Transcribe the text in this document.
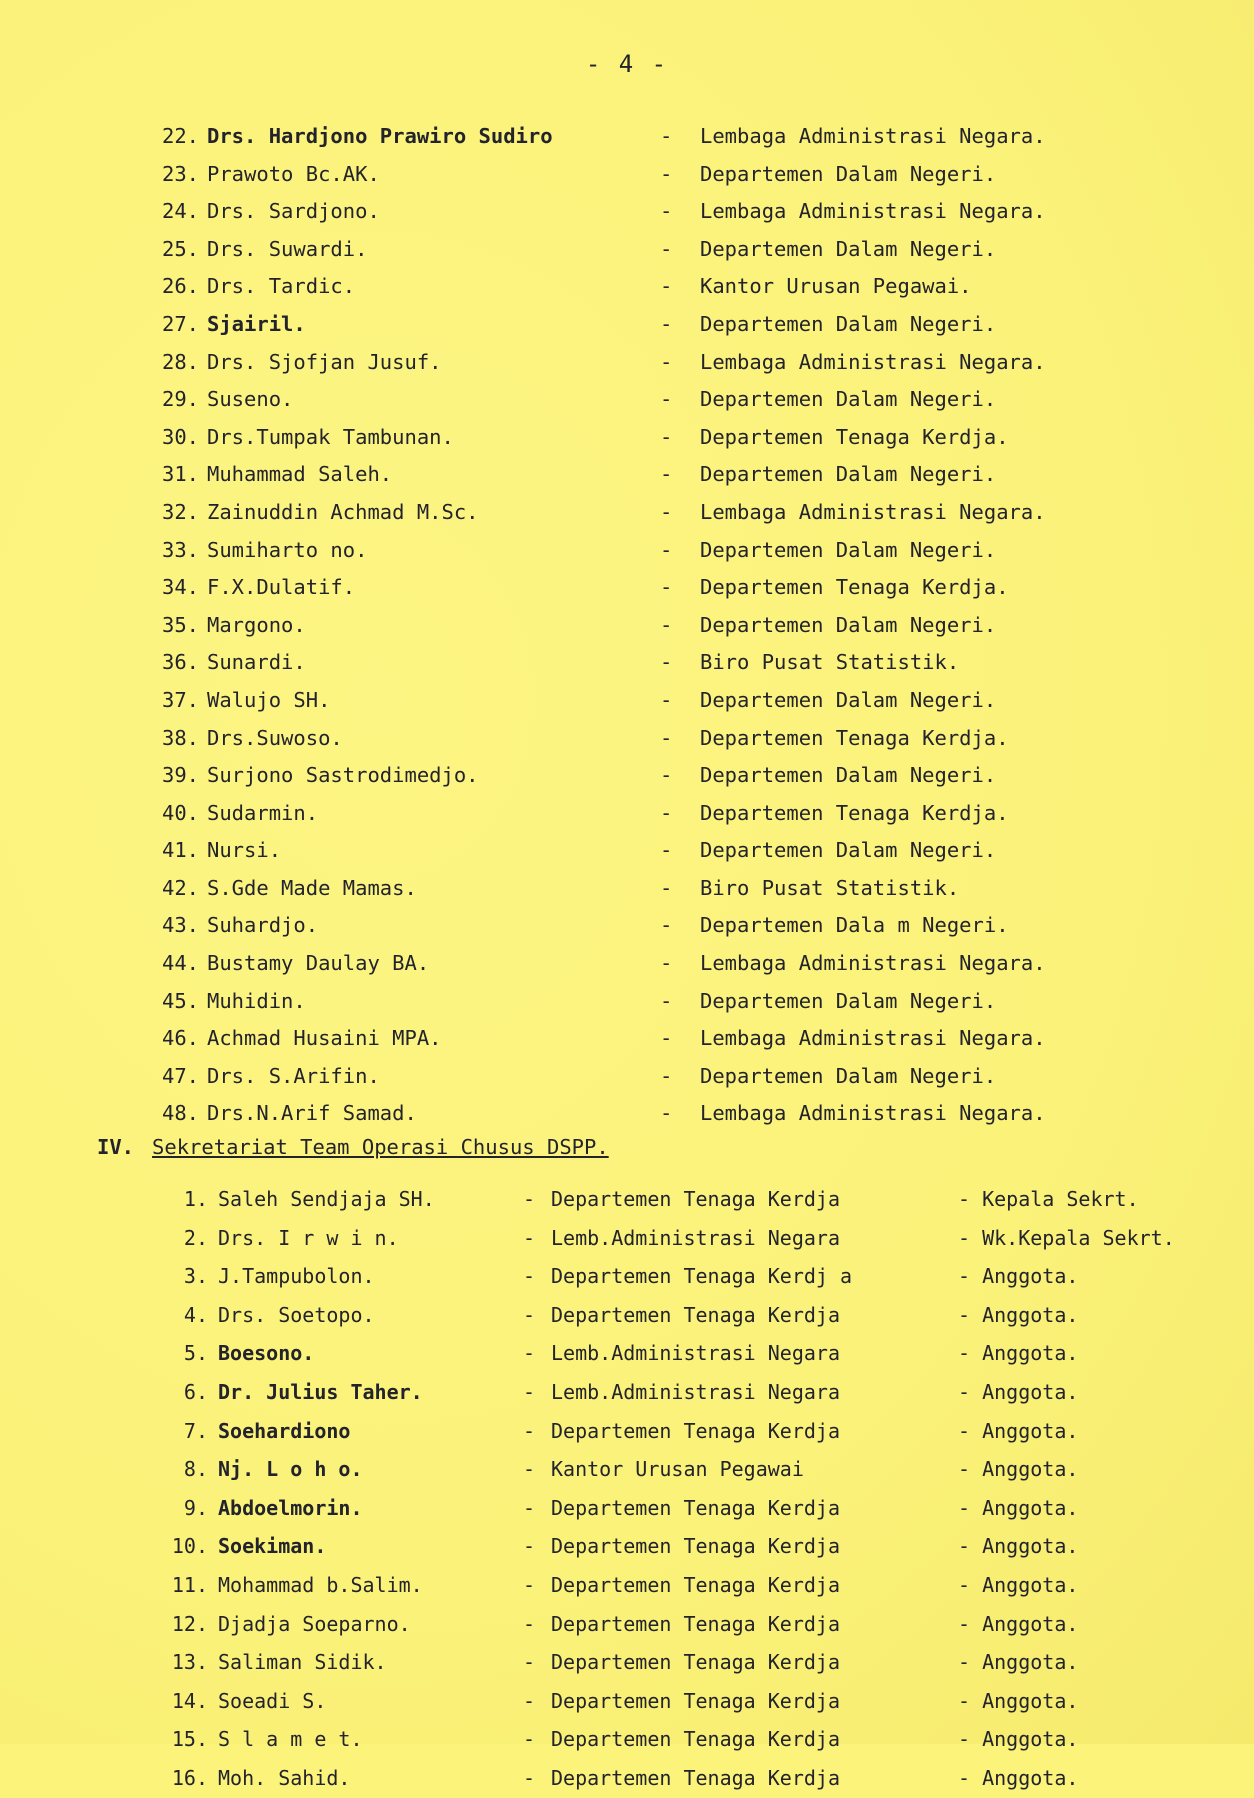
- 4 -
22. Drs. Hardjono Prawiro Sudiro	- Lembaga Administrasi Negara.
23. Prawoto Bc.AK.	- Departemen Dalam Negeri.
24. Drs. Sardjono.	- Lembaga Administrasi Negara.
25. Drs. Suwardi.	- Departemen Dalam Negeri.
26. Drs. Tardic.	- Kantor Urusan Pegawai.
27. Sjairil.	- Departemen Dalam Negeri.
28. Drs. Sjofjan Jusuf.	- Lembaga Administrasi Negara.
29. Suseno.	- Departemen Dalam Negeri.
30. Drs.Tumpak Tambunan.	- Departemen Tenaga Kerdja.
31. Muhammad Saleh.	- Departemen Dalam Negeri.
32. Zainuddin Achmad M.Sc.	- Lembaga Administrasi Negara.
33. Sumiharto no.	- Departemen Dalam Negeri.
34. F.X.Dulatif.	- Departemen Tenaga Kerdja.
35. Margono.	- Departemen Dalam Negeri.
36. Sunardi.	- Biro Pusat Statistik.
37. Walujo SH.	- Departemen Dalam Negeri.
38. Drs.Suwoso.	- Departemen Tenaga Kerdja.
39. Surjono Sastrodimedjo.	- Departemen Dalam Negeri.
40. Sudarmin.	- Departemen Tenaga Kerdja.
41. Nursi.	- Departemen Dalam Negeri.
42. S.Gde Made Mamas.	- Biro Pusat Statistik.
43. Suhardjo.	- Departemen Dala m Negeri.
44. Bustamy Daulay BA.	- Lembaga Administrasi Negara.
45. Muhidin.	- Departemen Dalam Negeri.
46. Achmad Husaini MPA.	- Lembaga Administrasi Negara.
47. Drs. S.Arifin.	- Departemen Dalam Negeri.
48. Drs.N.Arif Samad.	- Lembaga Administrasi Negara.
IV. Sekretariat Team Operasi Chusus DSPP.
1. Saleh Sendjaja SH.	- Departemen Tenaga Kerdja	- Kepala Sekrt.
2. Drs. I r w i n.	- Lemb.Administrasi Negara	- Wk.Kepala Sekrt.
3. J.Tampubolon.	- Departemen Tenaga Kerdj a	- Anggota.
4. Drs. Soetopo.	- Departemen Tenaga Kerdja	- Anggota.
5. Boesono.	- Lemb.Administrasi Negara	- Anggota.
6. Dr. Julius Taher.	- Lemb.Administrasi Negara	- Anggota.
7. Soehardiono	- Departemen Tenaga Kerdja	- Anggota.
8. Nj. L o h o.	- Kantor Urusan Pegawai	- Anggota.
9. Abdoelmorin.	- Departemen Tenaga Kerdja	- Anggota.
10. Soekiman.	- Departemen Tenaga Kerdja	- Anggota.
11. Mohammad b.Salim.	- Departemen Tenaga Kerdja	- Anggota.
12. Djadja Soeparno.	- Departemen Tenaga Kerdja	- Anggota.
13. Saliman Sidik.	- Departemen Tenaga Kerdja	- Anggota.
14. Soeadi S.	- Departemen Tenaga Kerdja	- Anggota.
15. S l a m e t.	- Departemen Tenaga Kerdja	- Anggota.
16. Moh. Sahid.	- Departemen Tenaga Kerdja	- Anggota.
